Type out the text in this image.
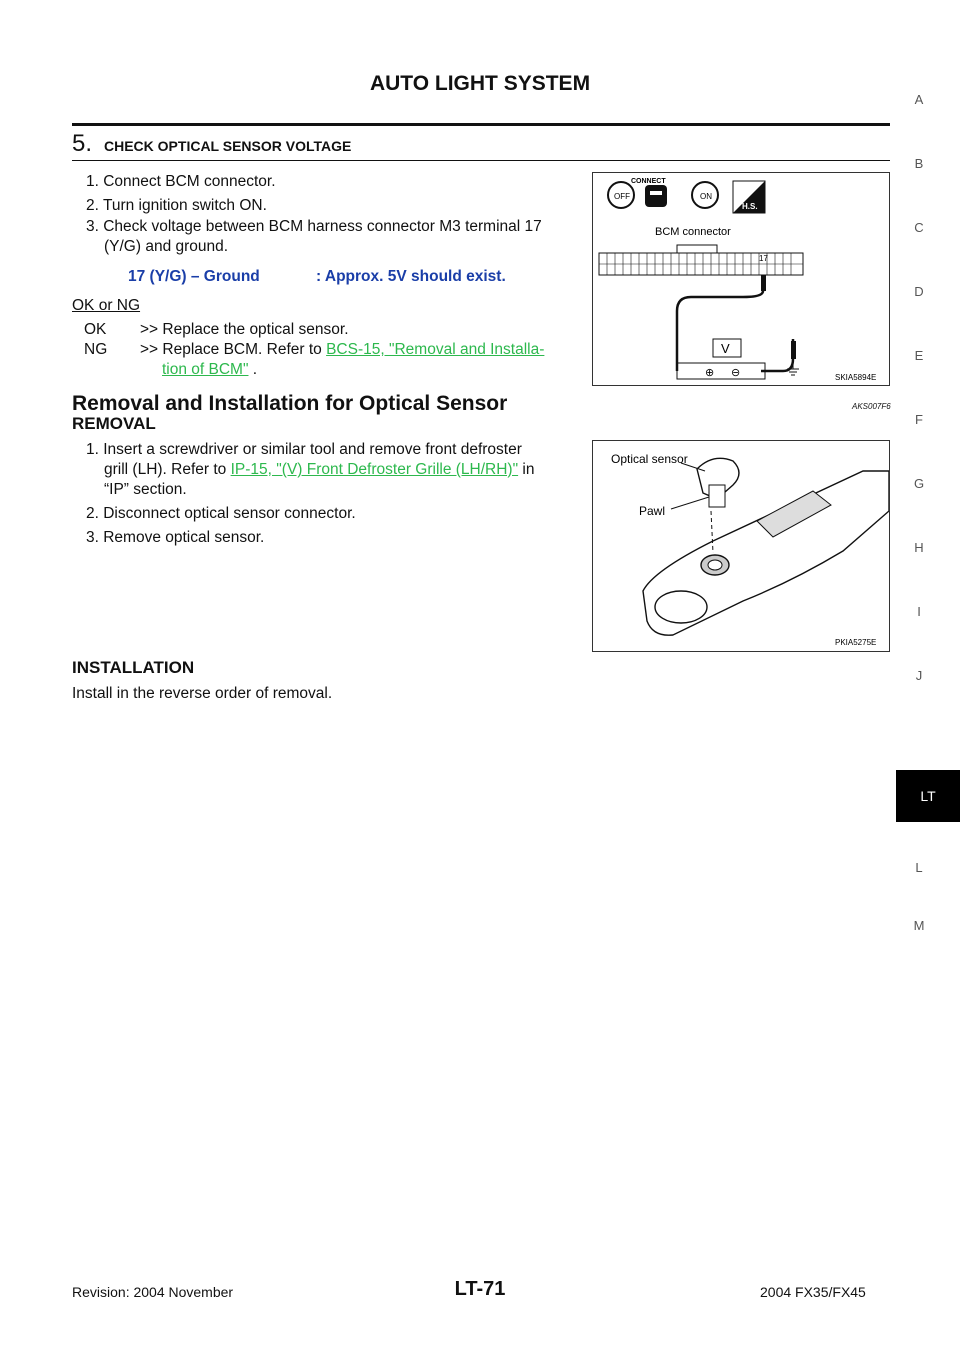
AUTO LIGHT SYSTEM
5. CHECK OPTICAL SENSOR VOLTAGE
1. Connect BCM connector.
2. Turn ignition switch ON.
3. Check voltage between BCM harness connector M3 terminal 17
(Y/G) and ground.
17 (Y/G) – Ground	: Approx. 5V should exist.
OK or NG
OK >> Replace the optical sensor.
NG >> Replace BCM. Refer to BCS-15, "Removal and Installa-
tion of BCM" .
OFF
CONNECT
ON
H.S.
BCM connector
17
V
⊕ ⊖	SKIA5894E
Removal and Installation for Optical Sensor	AKS007F6
REMOVAL
1. Insert a screwdriver or similar tool and remove front defroster
grill (LH). Refer to IP-15, "(V) Front Defroster Grille (LH/RH)" in
“IP” section.
2. Disconnect optical sensor connector.
3. Remove optical sensor.
Optical sensor
Pawl
PKIA5275E
INSTALLATION
Install in the reverse order of removal.
A
B
C
D
E
F
G
H
I
J
LT
L
M
Revision: 2004 November	LT-71	2004 FX35/FX45
